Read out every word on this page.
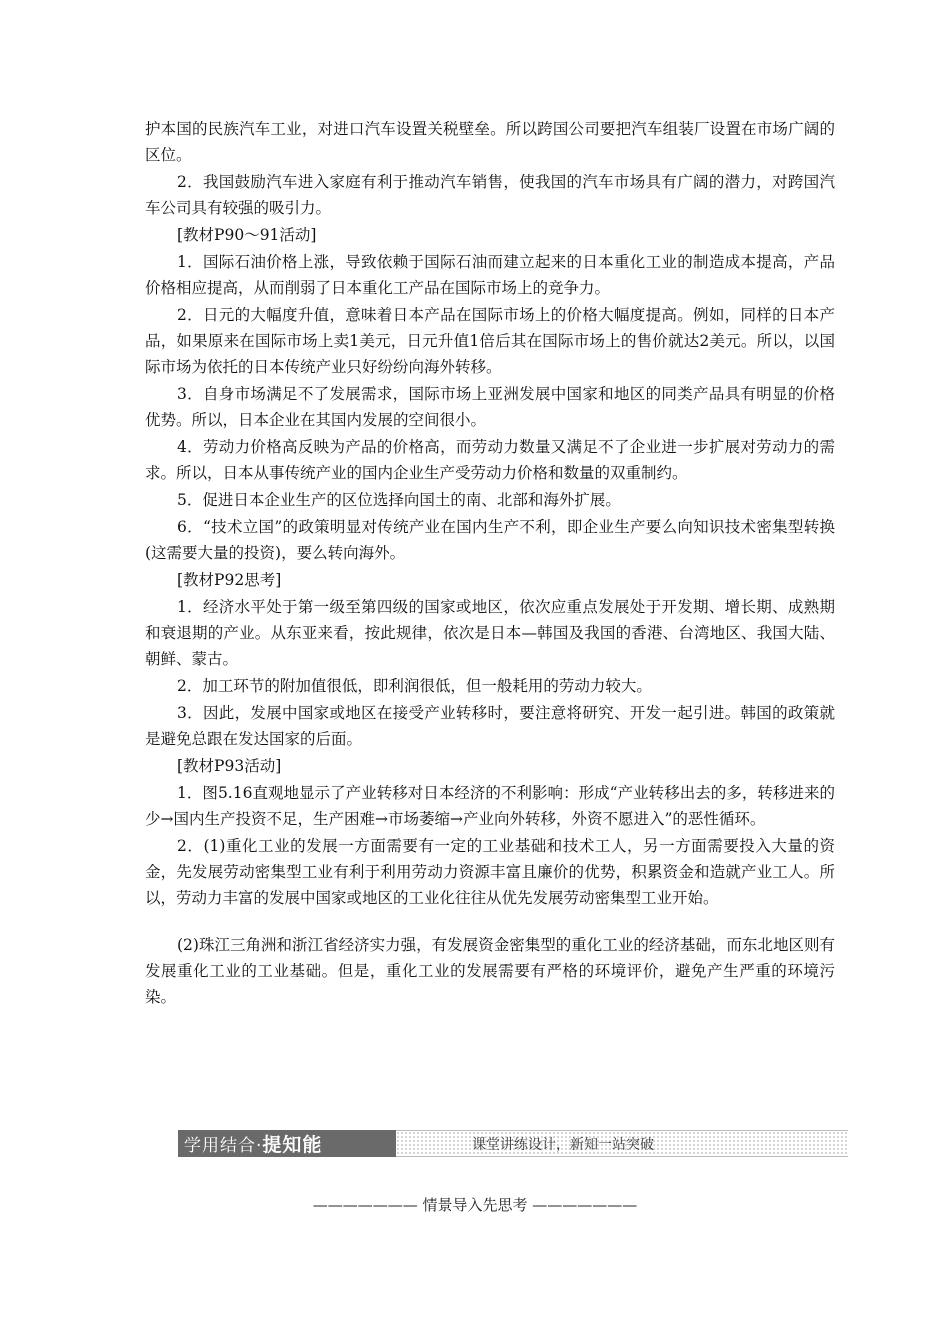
护本国的民族汽车工业，对进口汽车设置关税壁垒。所以跨国公司要把汽车组装厂设置在市场广阔的区位。

2．我国鼓励汽车进入家庭有利于推动汽车销售，使我国的汽车市场具有广阔的潜力，对跨国汽车公司具有较强的吸引力。

[教材P90～91活动]

1．国际石油价格上涨，导致依赖于国际石油而建立起来的日本重化工业的制造成本提高，产品价格相应提高，从而削弱了日本重化工产品在国际市场上的竞争力。

2．日元的大幅度升值，意味着日本产品在国际市场上的价格大幅度提高。例如，同样的日本产品，如果原来在国际市场上卖1美元，日元升值1倍后其在国际市场上的售价就达2美元。所以，以国际市场为依托的日本传统产业只好纷纷向海外转移。

3．自身市场满足不了发展需求，国际市场上亚洲发展中国家和地区的同类产品具有明显的价格优势。所以，日本企业在其国内发展的空间很小。

4．劳动力价格高反映为产品的价格高，而劳动力数量又满足不了企业进一步扩展对劳动力的需求。所以，日本从事传统产业的国内企业生产受劳动力价格和数量的双重制约。

5．促进日本企业生产的区位选择向国土的南、北部和海外扩展。

6．“技术立国”的政策明显对传统产业在国内生产不利，即企业生产要么向知识技术密集型转换(这需要大量的投资)，要么转向海外。

[教材P92思考]

1．经济水平处于第一级至第四级的国家或地区，依次应重点发展处于开发期、增长期、成熟期和衰退期的产业。从东亚来看，按此规律，依次是日本—韩国及我国的香港、台湾地区、我国大陆、朝鲜、蒙古。

2．加工环节的附加值很低，即利润很低，但一般耗用的劳动力较大。

3．因此，发展中国家或地区在接受产业转移时，要注意将研究、开发一起引进。韩国的政策就是避免总跟在发达国家的后面。

[教材P93活动]

1．图5.16直观地显示了产业转移对日本经济的不利影响：形成“产业转移出去的多，转移进来的少→国内生产投资不足，生产困难→市场萎缩→产业向外转移，外资不愿进入”的恶性循环。

2．(1)重化工业的发展一方面需要有一定的工业基础和技术工人，另一方面需要投入大量的资金，先发展劳动密集型工业有利于利用劳动力资源丰富且廉价的优势，积累资金和造就产业工人。所以，劳动力丰富的发展中国家或地区的工业化往往从优先发展劳动密集型工业开始。

(2)珠江三角洲和浙江省经济实力强，有发展资金密集型的重化工业的经济基础，而东北地区则有发展重化工业的工业基础。但是，重化工业的发展需要有严格的环境评价，避免产生严重的环境污染。

学用结合· 提知能	课堂讲练设计，新知一站突破
——————— 情景导入先思考 ———————
